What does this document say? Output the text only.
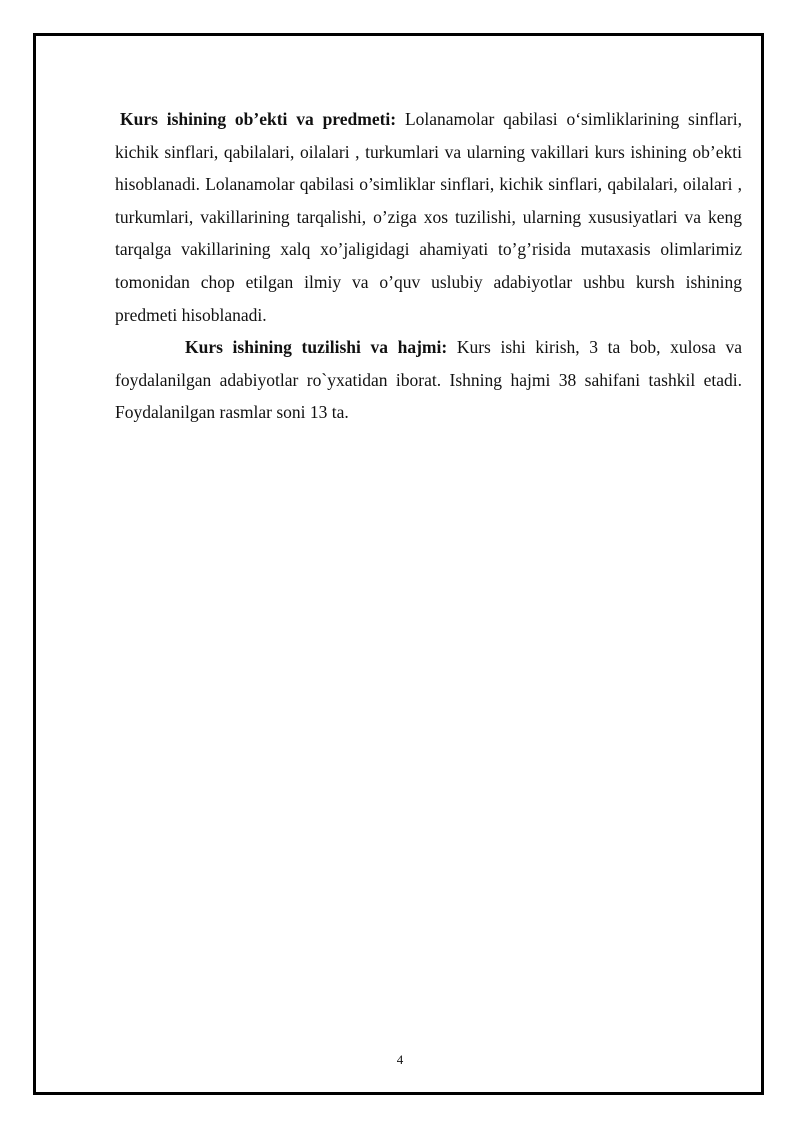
Kurs ishining ob’ekti va predmeti: Lolanamolar qabilasi o‘simliklarining sinflari, kichik sinflari, qabilalari, oilalari , turkumlari va ularning vakillari kurs ishining ob’ekti hisoblanadi. Lolanamolar qabilasi o’simliklar sinflari, kichik sinflari, qabilalari, oilalari , turkumlari, vakillarining tarqalishi, o’ziga xos tuzilishi, ularning xususiyatlari va keng tarqalga vakillarining xalq xo’jaligidagi ahamiyati to’g’risida mutaxasis olimlarimiz tomonidan chop etilgan ilmiy va o’quv uslubiy adabiyotlar ushbu kursh ishining predmeti hisoblanadi.

Kurs ishining tuzilishi va hajmi: Kurs ishi kirish, 3 ta bob, xulosa va foydalanilgan adabiyotlar ro`yxatidan iborat. Ishning hajmi 38 sahifani tashkil etadi. Foydalanilgan rasmlar soni 13 ta.

4
